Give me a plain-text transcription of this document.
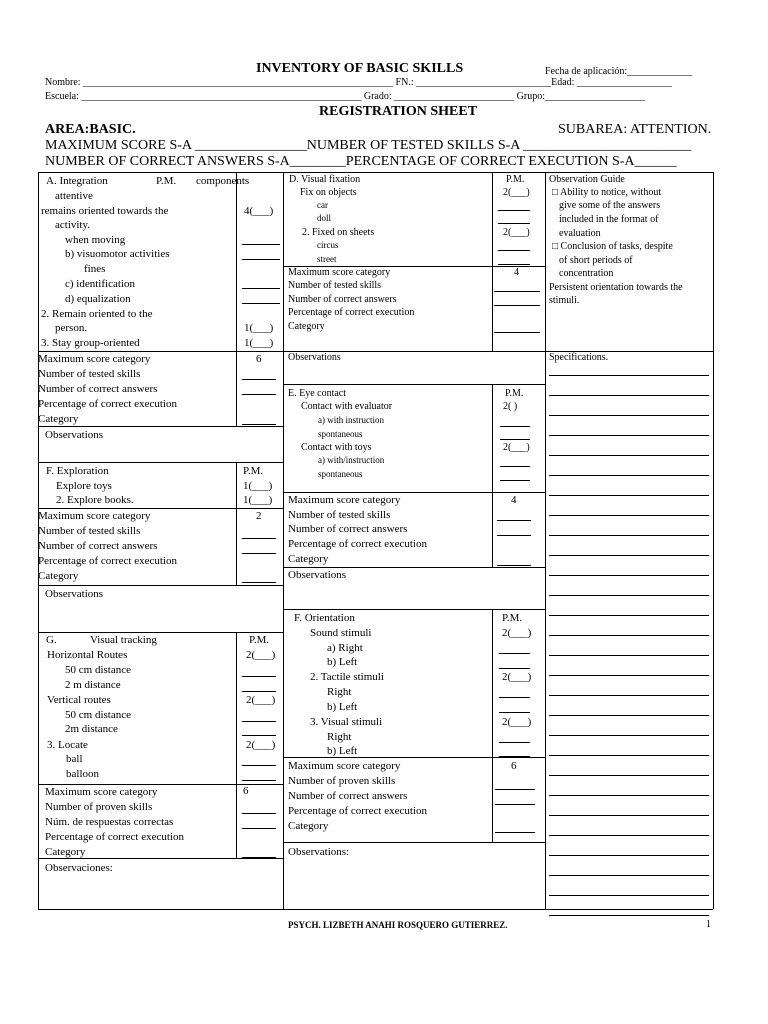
INVENTORY OF BASIC SKILLS	Fecha de aplicación:_____________
Nombre: ______________________________________________________________ FN.: ___________________________Edad: ___________________
Escuela: ________________________________________________________ Grado: ________________________ Grupo:____________________
REGISTRATION SHEET
AREA:BASIC.	SUBAREA: ATTENTION.
MAXIMUM SCORE S-A ________________NUMBER OF TESTED SKILLS S-A ________________________
NUMBER OF CORRECT ANSWERS S-A________PERCENTAGE OF CORRECT EXECUTION S-A______
A. Integration	P.M. components
attentive
remains oriented towards the	4(___)
activity.
when moving
b) visuomotor activities
fines
c) identification
d) equalization
2. Remain oriented to the
person.	1(___)
3. Stay group-oriented	1(___)
Maximum score category	6
Number of tested skills
Number of correct answers
Percentage of correct execution
Category
Observations
F. Exploration	P.M.
Explore toys	1(___)
2. Explore books.	1(___)
Maximum score category	2
Number of tested skills
Number of correct answers
Percentage of correct execution
Category
Observations
G.	Visual tracking	P.M.
Horizontal Routes	2(___)
50 cm distance
2 m distance
Vertical routes	2(___)
50 cm distance
2m distance
3. Locate	2(___)
ball
balloon
Maximum score category	6
Number of proven skills
Núm. de respuestas correctas
Percentage of correct execution
Category
Observaciones:
D. Visual fixation	P.M.
Fix on objects	2(___)
car
doll
2. Fixed on sheets	2(___)
circus
street
Maximum score category	4
Number of tested skills
Number of correct answers
Percentage of correct execution
Category
Observations
E. Eye contact	P.M.
Contact with evaluator	2( )
a) with instruction
spontaneous
Contact with toys	2(___)
a) with/instruction
spontaneous
Maximum score category	4
Number of tested skills
Number of correct answers
Percentage of correct execution
Category
Observations
F. Orientation	P.M.
Sound stimuli	2(___)
a) Right
b) Left
2. Tactile stimuli	2(___)
Right
b) Left
3. Visual stimuli	2(___)
Right
b) Left
Maximum score category	6
Number of proven skills
Number of correct answers
Percentage of correct execution
Category
Observations:
Observation Guide
□ Ability to notice, without
give some of the answers
included in the format of
evaluation
□ Conclusion of tasks, despite
of short periods of
concentration
Persistent orientation towards the
stimuli.
Specifications.
PSYCH. LIZBETH ANAHI ROSQUERO GUTIERREZ.	1
